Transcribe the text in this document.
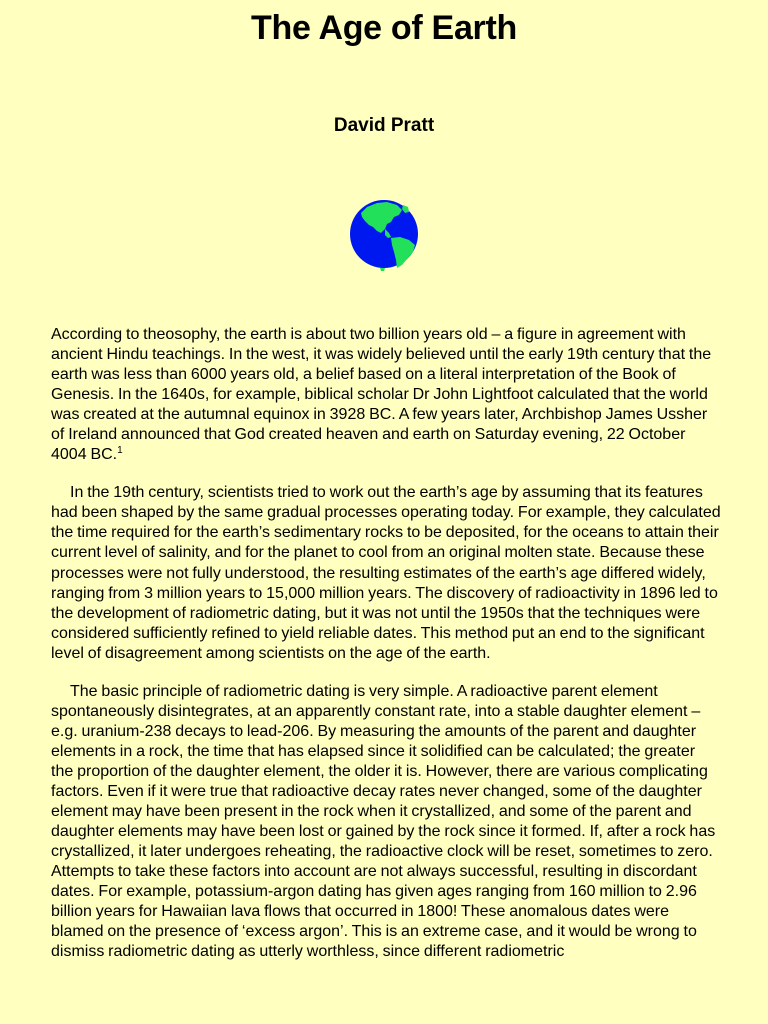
The Age of Earth
David Pratt

According to theosophy, the earth is about two billion years old – a figure in agreement with ancient Hindu teachings. In the west, it was widely believed until the early 19th century that the earth was less than 6000 years old, a belief based on a literal interpretation of the Book of Genesis. In the 1640s, for example, biblical scholar Dr John Lightfoot calculated that the world was created at the autumnal equinox in 3928 BC. A few years later, Archbishop James Ussher of Ireland announced that God created heaven and earth on Saturday evening, 22 October 4004 BC.$^1$

In the 19th century, scientists tried to work out the earth’s age by assuming that its features had been shaped by the same gradual processes operating today. For example, they calculated the time required for the earth’s sedimentary rocks to be deposited, for the oceans to attain their current level of salinity, and for the planet to cool from an original molten state. Because these processes were not fully understood, the resulting estimates of the earth’s age differed widely, ranging from 3 million years to 15,000 million years. The discovery of radioactivity in 1896 led to the development of radiometric dating, but it was not until the 1950s that the techniques were considered sufficiently refined to yield reliable dates. This method put an end to the significant level of disagreement among scientists on the age of the earth.

The basic principle of radiometric dating is very simple. A radioactive parent element spontaneously disintegrates, at an apparently constant rate, into a stable daughter element – e.g. uranium-238 decays to lead-206. By measuring the amounts of the parent and daughter elements in a rock, the time that has elapsed since it solidified can be calculated; the greater the proportion of the daughter element, the older it is. However, there are various complicating factors. Even if it were true that radioactive decay rates never changed, some of the daughter element may have been present in the rock when it crystallized, and some of the parent and daughter elements may have been lost or gained by the rock since it formed. If, after a rock has crystallized, it later undergoes reheating, the radioactive clock will be reset, sometimes to zero. Attempts to take these factors into account are not always successful, resulting in discordant dates. For example, potassium-argon dating has given ages ranging from 160 million to 2.96 billion years for Hawaiian lava flows that occurred in 1800! These anomalous dates were blamed on the presence of ‘excess argon’. This is an extreme case, and it would be wrong to dismiss radiometric dating as utterly worthless, since different radiometric
